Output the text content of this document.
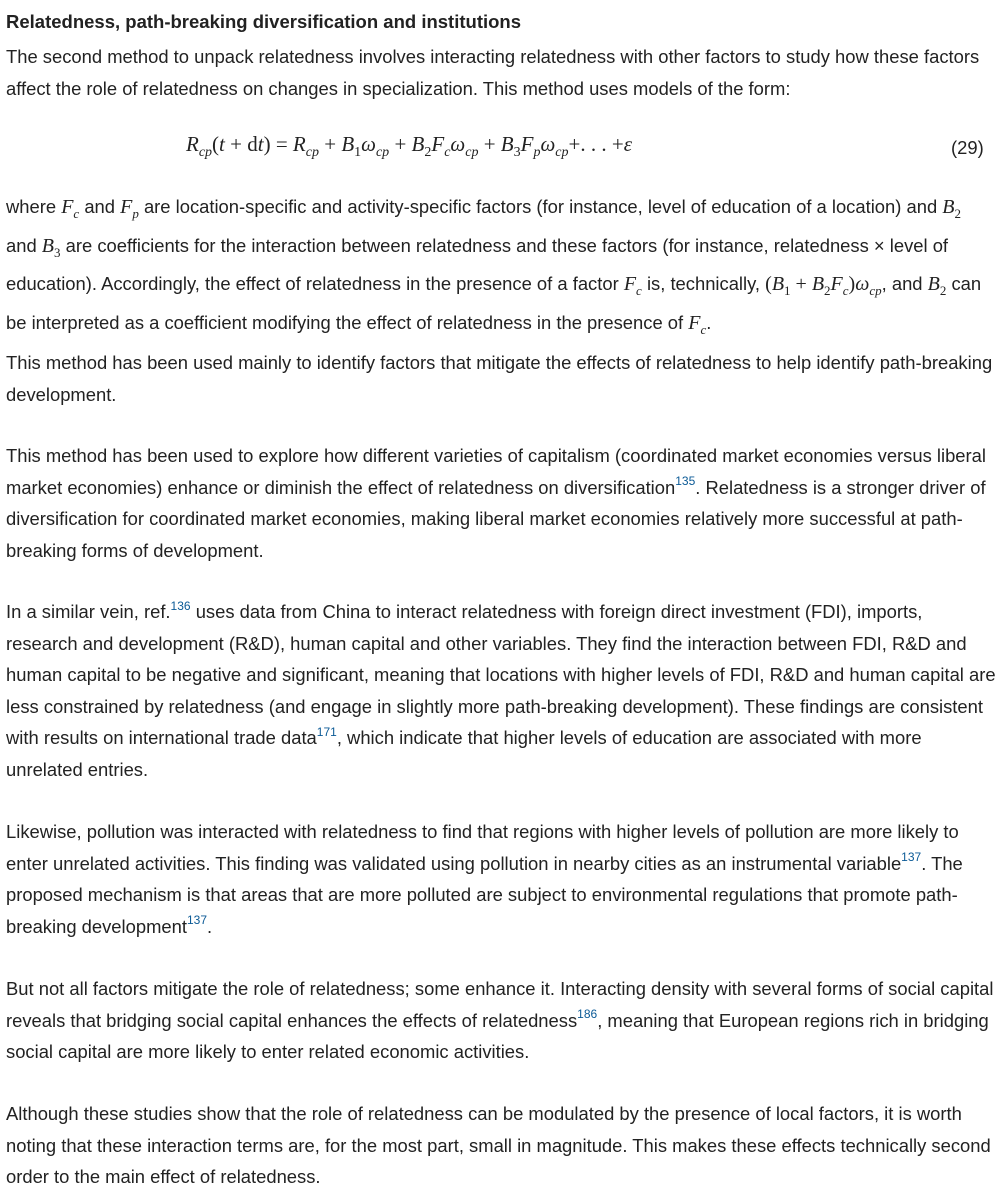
Relatedness, path-breaking diversification and institutions

The second method to unpack relatedness involves interacting relatedness with other factors to study how these factors affect the role of relatedness on changes in specialization. This method uses models of the form:

$R_{cp}(t + dt) = R_{cp} + B_1\omega_{cp} + B_2F_c\omega_{cp} + B_3F_p\omega_{cp}+$. . . +ε	(29)

where $F_c$ and $F_p$ are location-specific and activity-specific factors (for instance, level of education of a location) and $B_2$ and $B_3$ are coefficients for the interaction between relatedness and these factors (for instance, relatedness × level of education). Accordingly, the effect of relatedness in the presence of a factor $F_c$ is, technically, $(B_1 + B_2F_c)\omega_{cp}$, and $B_2$ can be interpreted as a coefficient modifying the effect of relatedness in the presence of $F_c$.

This method has been used mainly to identify factors that mitigate the effects of relatedness to help identify path-breaking development.

This method has been used to explore how different varieties of capitalism (coordinated market economies versus liberal market economies) enhance or diminish the effect of relatedness on diversification$^{135}$. Relatedness is a stronger driver of diversification for coordinated market economies, making liberal market economies relatively more successful at path-breaking forms of development.

In a similar vein, ref.$^{136}$ uses data from China to interact relatedness with foreign direct investment (FDI), imports, research and development (R&D), human capital and other variables. They find the interaction between FDI, R&D and human capital to be negative and significant, meaning that locations with higher levels of FDI, R&D and human capital are less constrained by relatedness (and engage in slightly more path-breaking development). These findings are consistent with results on international trade data$^{171}$, which indicate that higher levels of education are associated with more unrelated entries.

Likewise, pollution was interacted with relatedness to find that regions with higher levels of pollution are more likely to enter unrelated activities. This finding was validated using pollution in nearby cities as an instrumental variable$^{137}$. The proposed mechanism is that areas that are more polluted are subject to environmental regulations that promote path-breaking development$^{137}$.

But not all factors mitigate the role of relatedness; some enhance it. Interacting density with several forms of social capital reveals that bridging social capital enhances the effects of relatedness$^{186}$, meaning that European regions rich in bridging social capital are more likely to enter related economic activities.

Although these studies show that the role of relatedness can be modulated by the presence of local factors, it is worth noting that these interaction terms are, for the most part, small in magnitude. This makes these effects technically second order to the main effect of relatedness.
